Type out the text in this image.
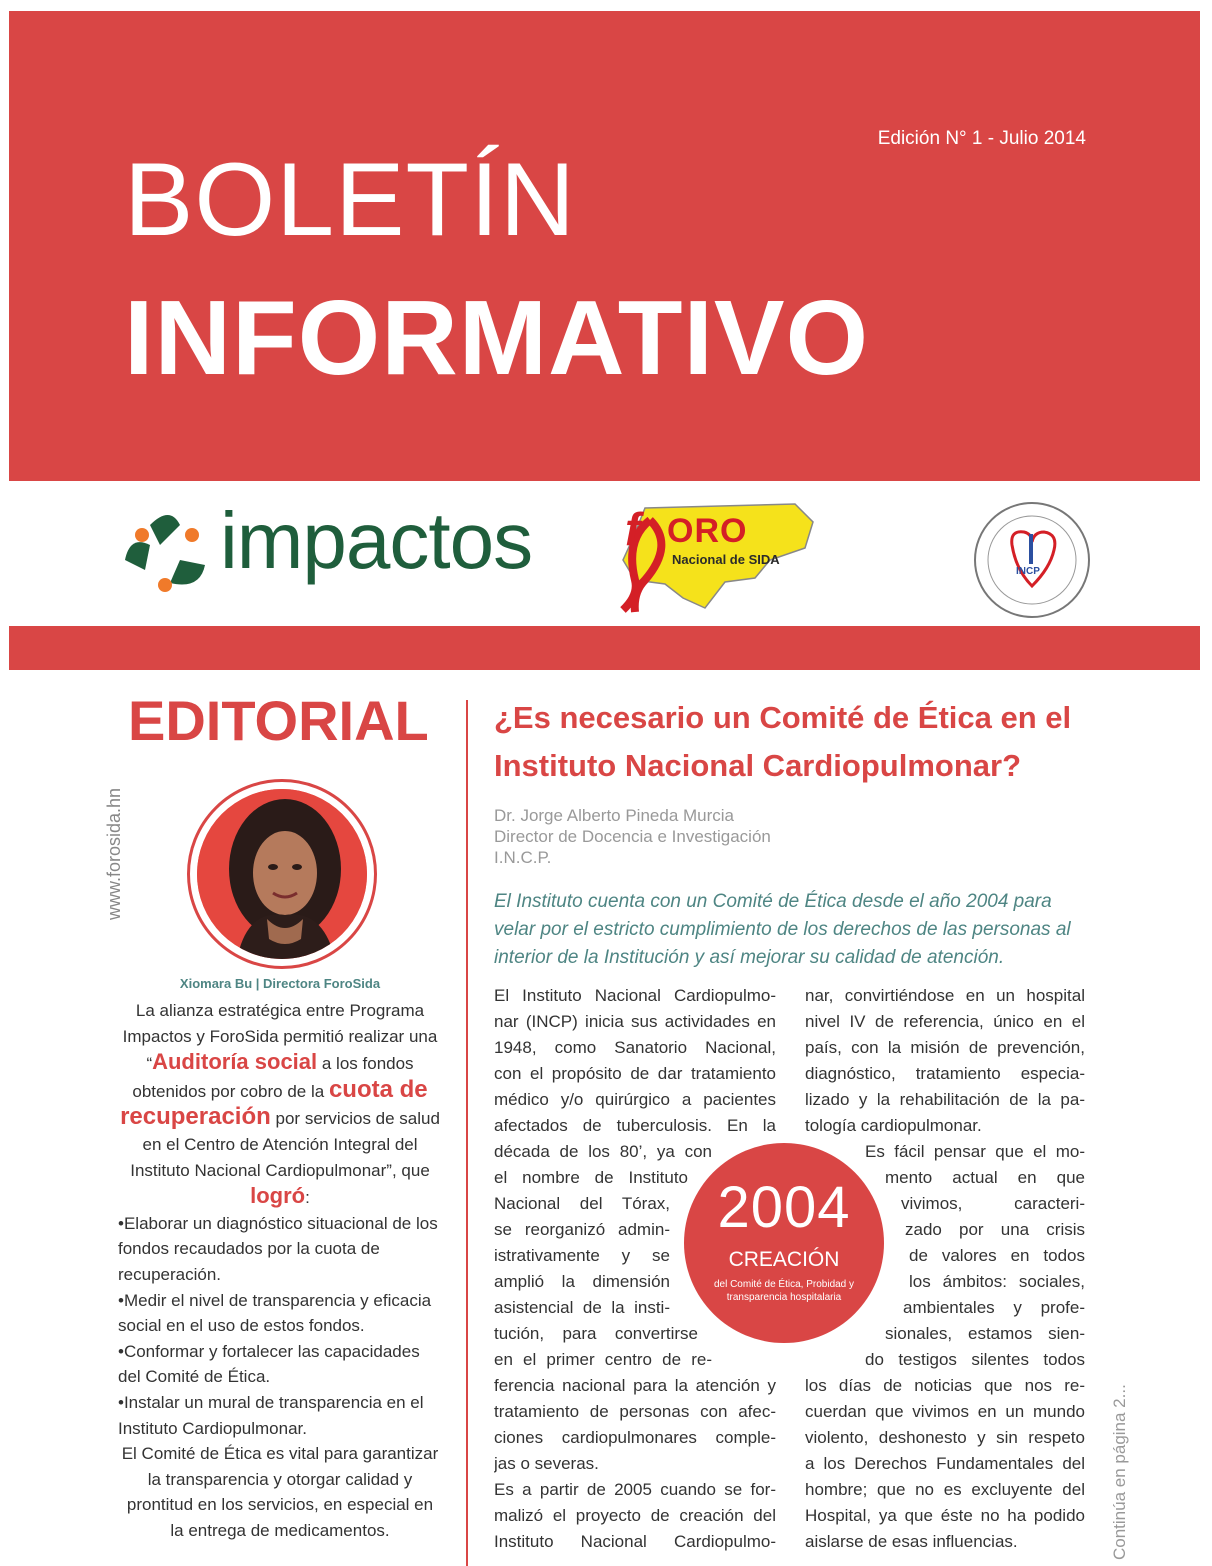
Edición N° 1 - Julio 2014
BOLETÍN
INFORMATIVO
impactos f ORO
Nacional de SIDA
INCP
EDITORIAL
www.forosida.hn
Xiomara Bu | Directora ForoSida

La alianza estratégica entre Programa Impactos y ForoSida permitió realizar una “Auditoría social a los fondos obtenidos por cobro de la cuota de recuperación por servicios de salud en el Centro de Atención Integral del Instituto Nacional Cardiopulmonar”, que logró:

•Elaborar un diagnóstico situacional de los fondos recaudados por la cuota de recuperación.

•Medir el nivel de transparencia y eficacia social en el uso de estos fondos.

•Conformar y fortalecer las capacidades del Comité de Ética.

•Instalar un mural de transparencia en el Instituto Cardiopulmonar.

El Comité de Ética es vital para garantizar la transparencia y otorgar calidad y prontitud en los servicios, en especial en la entrega de medicamentos.

¿Es necesario un Comité de Ética en el Instituto Nacional Cardiopulmonar?
Dr. Jorge Alberto Pineda Murcia
Director de Docencia e Investigación
I.N.C.P.
El Instituto cuenta con un Comité de Ética desde el año 2004 para velar por el estricto cumplimiento de los derechos de las personas al interior de la Institución y así mejorar su calidad de atención.
El Instituto Nacional Cardiopulmo-
nar (INCP) inicia sus actividades en
1948, como Sanatorio Nacional,
con el propósito de dar tratamiento
médico y/o quirúrgico a pacientes
afectados de tuberculosis. En la
década de los 80’, ya con
el nombre de Instituto
Nacional del Tórax,
se reorganizó admin-
istrativamente y se
amplió la dimensión
asistencial de la insti-
tución, para convertirse
en el primer centro de re-
ferencia nacional para la atención y
tratamiento de personas con afec-
ciones cardiopulmonares comple-
jas o severas.
Es a partir de 2005 cuando se for-
malizó el proyecto de creación del
Instituto Nacional Cardiopulmo-
nar, convirtiéndose en un hospital
nivel IV de referencia, único en el
país, con la misión de prevención,
diagnóstico, tratamiento especia-
lizado y la rehabilitación de la pa-
tología cardiopulmonar.
Es fácil pensar que el mo-
mento actual en que
vivimos, caracteri-
zado por una crisis
de valores en todos
los ámbitos: sociales,
ambientales y profe-
sionales, estamos sien-
do testigos silentes todos
los días de noticias que nos re-
cuerdan que vivimos en un mundo
violento, deshonesto y sin respeto
a los Derechos Fundamentales del
hombre; que no es excluyente del
Hospital, ya que éste no ha podido
aislarse de esas influencias.
2004
CREACIÓN
del Comité de Ética, Probidad y transparencia hospitalaria
Continúa en página 2...
